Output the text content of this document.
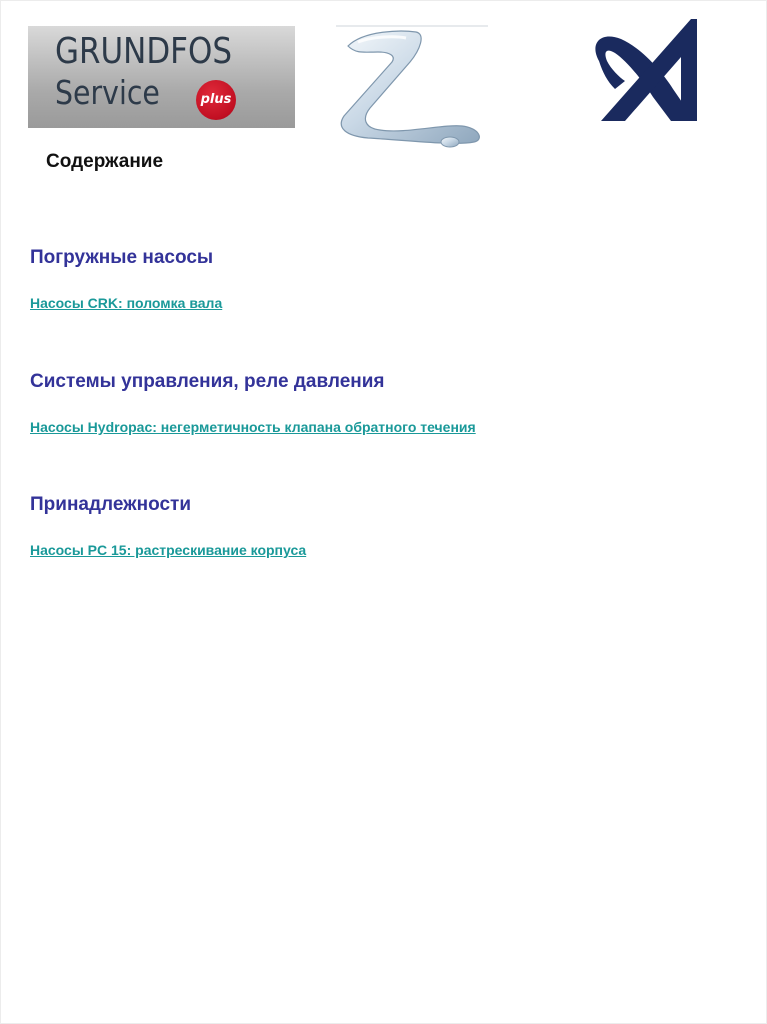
GRUNDFOS
Service	plus
Содержание
Погружные насосы
Насосы CRK: поломка вала
Системы управления, реле давления
Насосы Hydropac: негерметичность клапана обратного течения
Принадлежности
Насосы PC 15: растрескивание корпуса
